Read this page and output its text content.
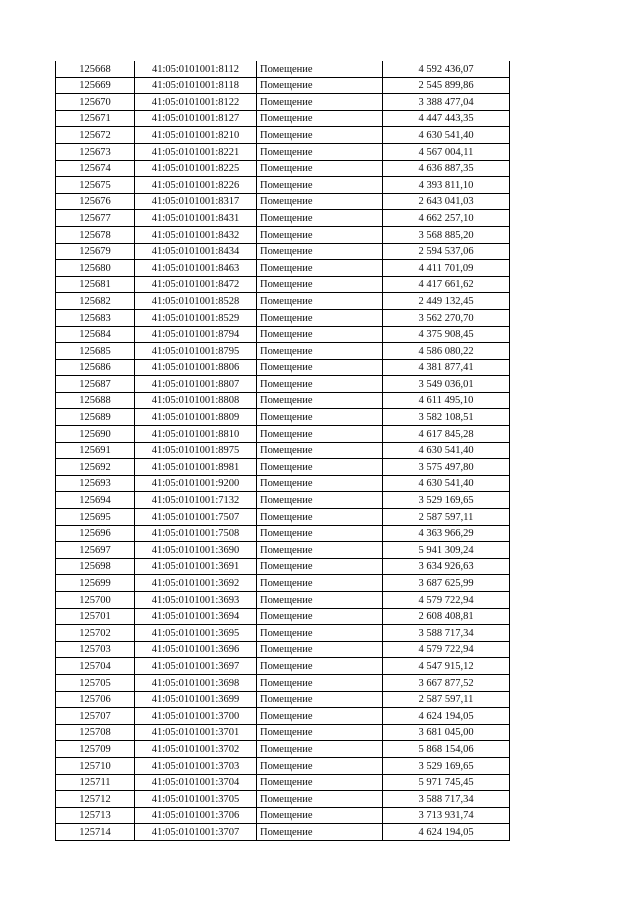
125668	41:05:0101001:8112	Помещение	4 592 436,07
125669	41:05:0101001:8118	Помещение	2 545 899,86
125670	41:05:0101001:8122	Помещение	3 388 477,04
125671	41:05:0101001:8127	Помещение	4 447 443,35
125672	41:05:0101001:8210	Помещение	4 630 541,40
125673	41:05:0101001:8221	Помещение	4 567 004,11
125674	41:05:0101001:8225	Помещение	4 636 887,35
125675	41:05:0101001:8226	Помещение	4 393 811,10
125676	41:05:0101001:8317	Помещение	2 643 041,03
125677	41:05:0101001:8431	Помещение	4 662 257,10
125678	41:05:0101001:8432	Помещение	3 568 885,20
125679	41:05:0101001:8434	Помещение	2 594 537,06
125680	41:05:0101001:8463	Помещение	4 411 701,09
125681	41:05:0101001:8472	Помещение	4 417 661,62
125682	41:05:0101001:8528	Помещение	2 449 132,45
125683	41:05:0101001:8529	Помещение	3 562 270,70
125684	41:05:0101001:8794	Помещение	4 375 908,45
125685	41:05:0101001:8795	Помещение	4 586 080,22
125686	41:05:0101001:8806	Помещение	4 381 877,41
125687	41:05:0101001:8807	Помещение	3 549 036,01
125688	41:05:0101001:8808	Помещение	4 611 495,10
125689	41:05:0101001:8809	Помещение	3 582 108,51
125690	41:05:0101001:8810	Помещение	4 617 845,28
125691	41:05:0101001:8975	Помещение	4 630 541,40
125692	41:05:0101001:8981	Помещение	3 575 497,80
125693	41:05:0101001:9200	Помещение	4 630 541,40
125694	41:05:0101001:7132	Помещение	3 529 169,65
125695	41:05:0101001:7507	Помещение	2 587 597,11
125696	41:05:0101001:7508	Помещение	4 363 966,29
125697	41:05:0101001:3690	Помещение	5 941 309,24
125698	41:05:0101001:3691	Помещение	3 634 926,63
125699	41:05:0101001:3692	Помещение	3 687 625,99
125700	41:05:0101001:3693	Помещение	4 579 722,94
125701	41:05:0101001:3694	Помещение	2 608 408,81
125702	41:05:0101001:3695	Помещение	3 588 717,34
125703	41:05:0101001:3696	Помещение	4 579 722,94
125704	41:05:0101001:3697	Помещение	4 547 915,12
125705	41:05:0101001:3698	Помещение	3 667 877,52
125706	41:05:0101001:3699	Помещение	2 587 597,11
125707	41:05:0101001:3700	Помещение	4 624 194,05
125708	41:05:0101001:3701	Помещение	3 681 045,00
125709	41:05:0101001:3702	Помещение	5 868 154,06
125710	41:05:0101001:3703	Помещение	3 529 169,65
125711	41:05:0101001:3704	Помещение	5 971 745,45
125712	41:05:0101001:3705	Помещение	3 588 717,34
125713	41:05:0101001:3706	Помещение	3 713 931,74
125714	41:05:0101001:3707	Помещение	4 624 194,05
